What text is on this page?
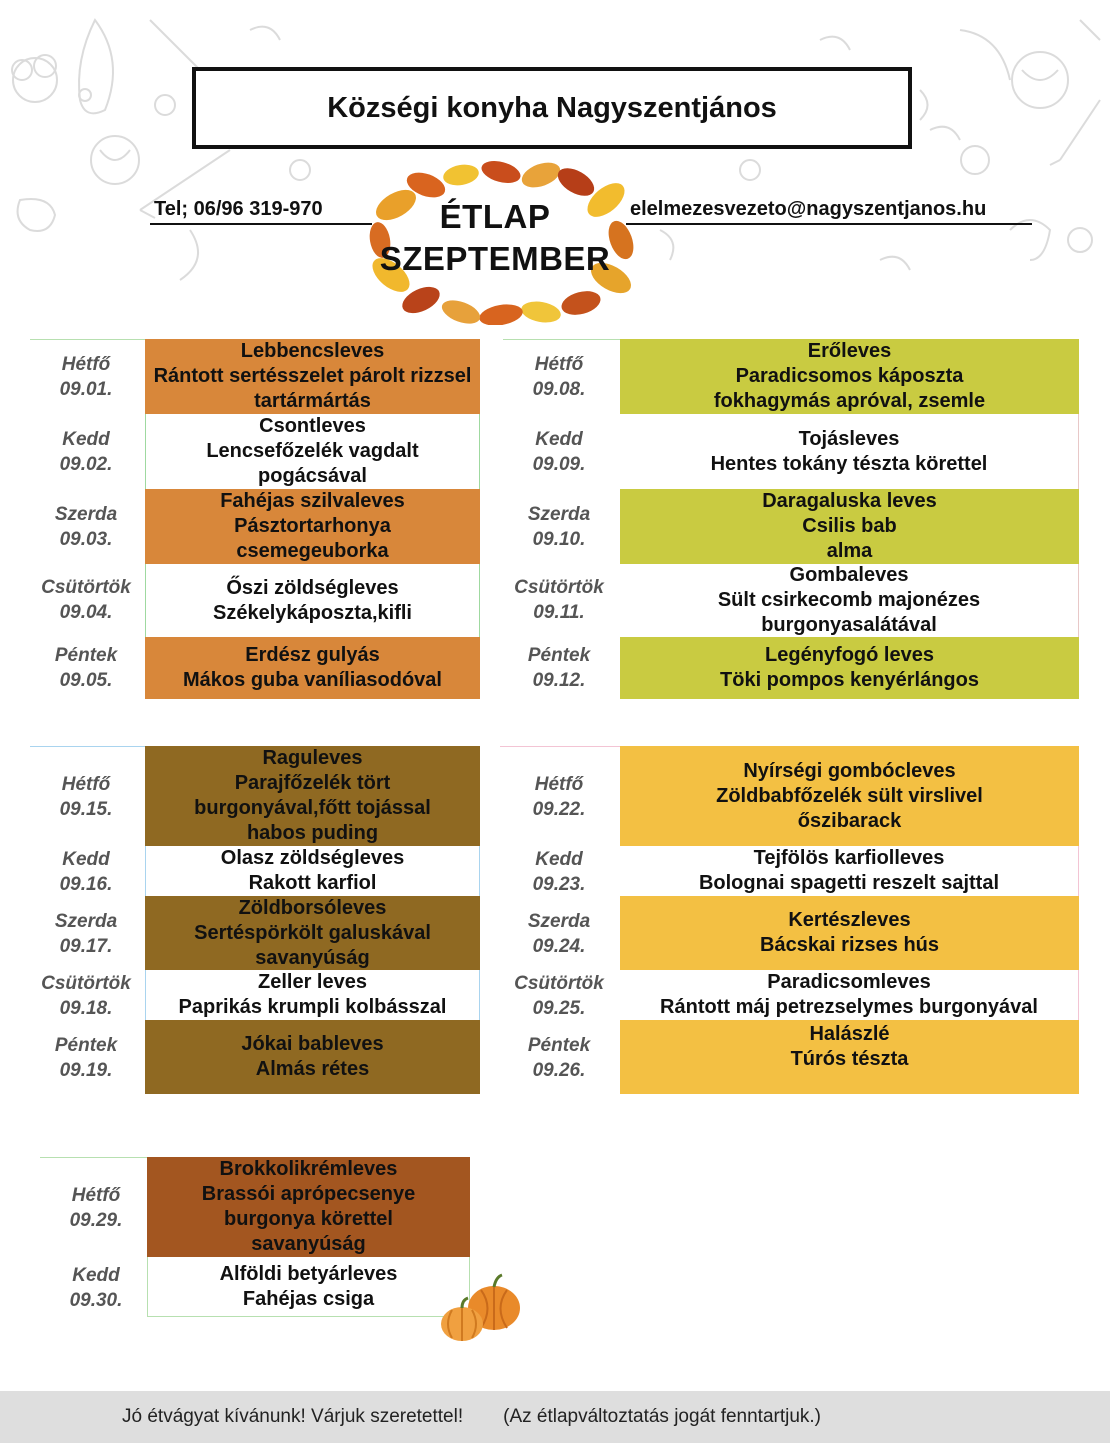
Községi konyha Nagyszentjános
Tel; 06/96 319-970	elelmezesvezeto@nagyszentjanos.hu
ÉTLAP
SZEPTEMBER
Hétfő
09.01.
Lebbencsleves
Rántott sertésszelet párolt rizzsel
tartármártás
Kedd
09.02.
Csontleves
Lencsefőzelék vagdalt
pogácsával
Szerda
09.03.
Fahéjas szilvaleves
Pásztortarhonya
csemegeuborka
Csütörtök
09.04.
Őszi zöldségleves
Székelykáposzta,kifli
Péntek
09.05.
Erdész gulyás
Mákos guba vaníliasodóval
Hétfő
09.08.
Erőleves
Paradicsomos káposzta
fokhagymás apróval, zsemle
Kedd
09.09.
Tojásleves
Hentes tokány tészta körettel
Szerda
09.10.
Daragaluska leves
Csilis bab
alma
Csütörtök
09.11.
Gombaleves
Sült csirkecomb majonézes
burgonyasalátával
Péntek
09.12.
Legényfogó leves
Töki pompos kenyérlángos
Hétfő
09.15.
Raguleves
Parajfőzelék tört
burgonyával,főtt tojással
habos puding
Kedd
09.16.
Olasz zöldségleves
Rakott karfiol
Szerda
09.17.
Zöldborsóleves
Sertéspörkölt galuskával
savanyúság
Csütörtök
09.18.
Zeller leves
Paprikás krumpli kolbásszal
Péntek
09.19.
Jókai bableves
Almás rétes
Hétfő
09.22.
Nyírségi gombócleves
Zöldbabfőzelék sült virslivel
őszibarack
Kedd
09.23.
Tejfölös karfiolleves
Bolognai spagetti reszelt sajttal
Szerda
09.24.
Kertészleves
Bácskai rizses hús
Csütörtök
09.25.
Paradicsomleves
Rántott máj petrezselymes burgonyával
Péntek
09.26.
Halászlé
Túrós tészta
Hétfő
09.29.
Brokkolikrémleves
Brassói aprópecsenye
burgonya körettel
savanyúság
Kedd
09.30.
Alföldi betyárleves
Fahéjas csiga
Jó étvágyat kívánunk! Várjuk szeretettel! (Az étlapváltoztatás jogát fenntartjuk.)
